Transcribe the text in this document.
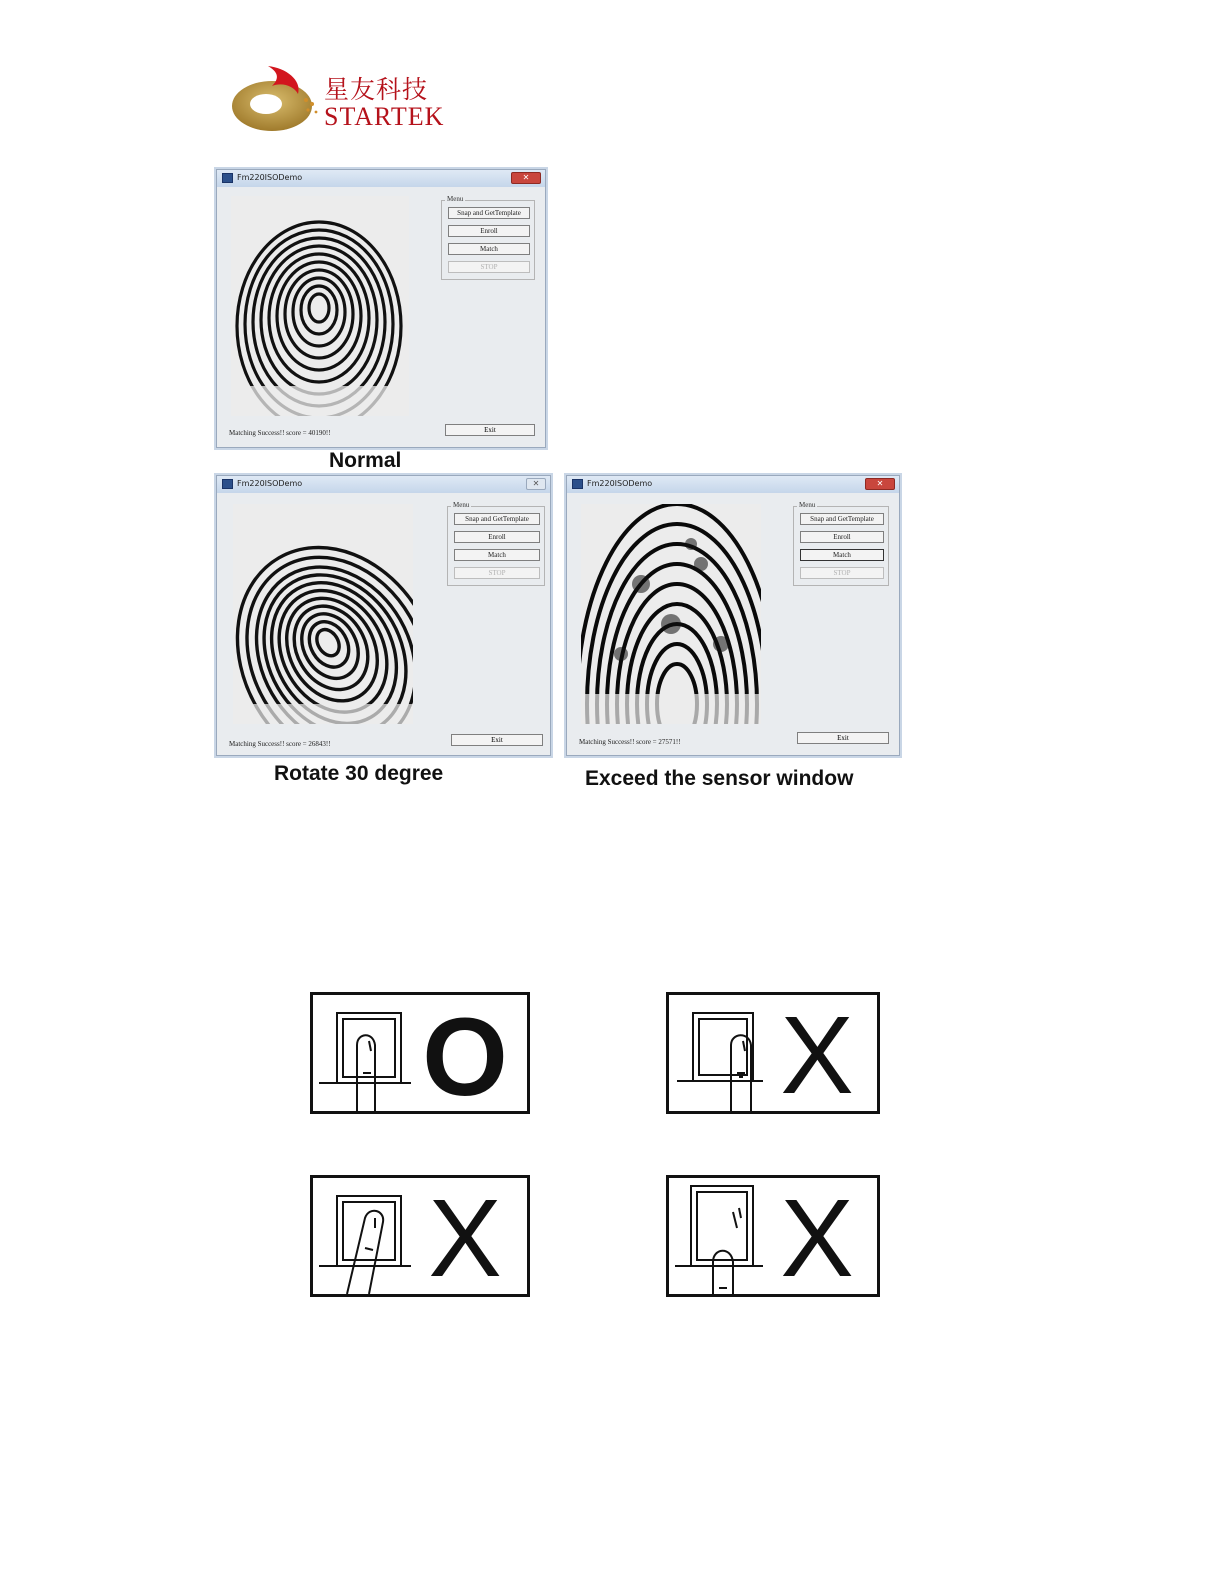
星友科技
STARTEK
Fm220ISODemo	✕
Menu
Snap and GetTemplate
Enroll
Match
STOP
Matching Success!! score = 40190!!	Exit
Normal
Fm220ISODemo	✕
Menu
Snap and GetTemplate
Enroll
Match
STOP
Matching Success!! score = 26843!!	Exit
Rotate 30 degree
Fm220ISODemo	✕
Menu
Snap and GetTemplate
Enroll
Match
STOP
Matching Success!! score = 27571!!	Exit
Exceed the sensor window
O X
X	X
